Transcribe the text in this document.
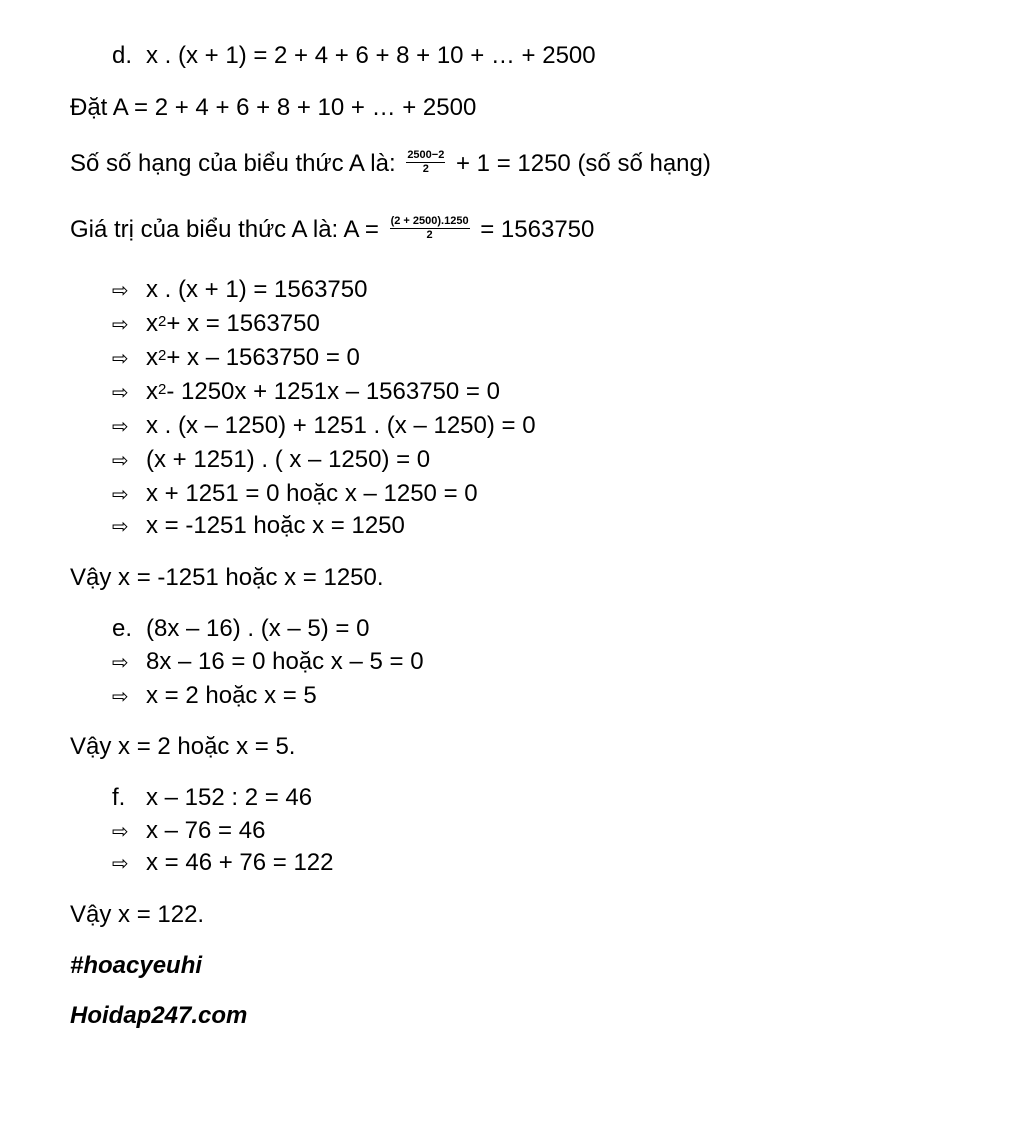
d. x . (x + 1) = 2 + 4 + 6 + 8 + 10 + … + 2500
Đặt A = 2 + 4 + 6 + 8 + 10 + … + 2500
Số số hạng của biểu thức A là: $\frac{2500-2}{2} + 1 = 1250$ (số số hạng)
Giá trị của biểu thức A là: $A = \frac{(2 + 2500).1250}{2} = 1563750$
⇨ x . (x + 1) = 1563750
⇨ $x^2+ x = 1563750$
⇨ $x^2+ x - 1563750 = 0$
⇨ $x^2-$ 1250x + 1251x – 1563750 = 0
⇨ x . (x – 1250) + 1251 . (x – 1250) = 0
⇨ (x + 1251) . ( x – 1250) = 0
⇨ x + 1251 = 0 hoặc x – 1250 = 0
⇨ x = -1251 hoặc x = 1250
Vậy x = -1251 hoặc x = 1250.
e. (8x – 16) . (x – 5) = 0
⇨ 8x – 16 = 0 hoặc x – 5 = 0
⇨ x = 2 hoặc x = 5
Vậy x = 2 hoặc x = 5.
f. x – 152 : 2 = 46
⇨ x – 76 = 46
⇨ x = 46 + 76 = 122
Vậy x = 122.
#hoacyeuhi
Hoidap247.com
